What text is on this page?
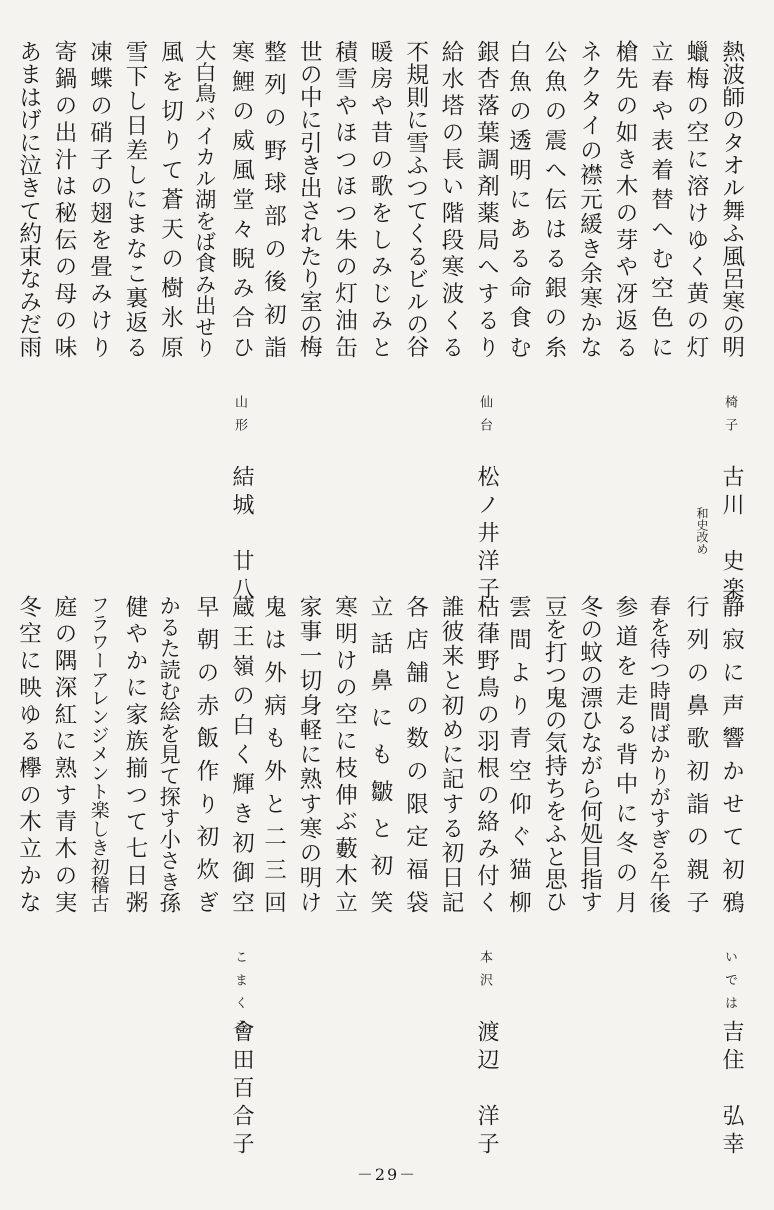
熱波師のタオル舞ふ風呂寒の明
蠟梅の空に溶けゆく黄の灯
立春や表着替へむ空色に
槍先の如き木の芽や冴返る
ネクタイの襟元緩き余寒かな
公魚の震へ伝はる銀の糸
白魚の透明にある命食む
椅子
古川　史楽
和史改め
銀杏落葉調剤薬局へするり
給水塔の長い階段寒波くる
不規則に雪ふつてくるビルの谷
暖房や昔の歌をしみじみと
積雪やほつほつ朱の灯油缶
世の中に引き出されたり室の梅
整列の野球部の後初詣
仙台
松ノ井洋子
寒鯉の威風堂々睨み合ひ
大白鳥バイカル湖をば食み出せり
風を切りて蒼天の樹氷原
雪下し日差しにまなこ裏返る
凍蝶の硝子の翅を畳みけり
寄鍋の出汁は秘伝の母の味
あまはげに泣きて約束なみだ雨
山形
結城　廿八
静寂に声響かせて初鴉
行列の鼻歌初詣の親子
春を待つ時間ばかりがすぎる午後
参道を走る背中に冬の月
冬の蚊の漂ひながら何処目指す
豆を打つ鬼の気持ちをふと思ひ
雲間より青空仰ぐ猫柳
いでは
吉住　弘幸
枯葎野鳥の羽根の絡み付く
誰彼来と初めに記する初日記
各店舗の数の限定福袋
立話鼻にも皺と初笑
寒明けの空に枝伸ぶ藪木立
家事一切身軽に熟す寒の明け
鬼は外病も外と二三回
本沢
渡辺　洋子
蔵王嶺の白く輝き初御空
早朝の赤飯作り初炊ぎ
かるた読む絵を見て探す小さき孫
健やかに家族揃つて七日粥
フラワーアレンジメント楽しき初稽古
庭の隅深紅に熟す青木の実
冬空に映ゆる欅の木立かな
こまくさ
會田百合子
－29－
